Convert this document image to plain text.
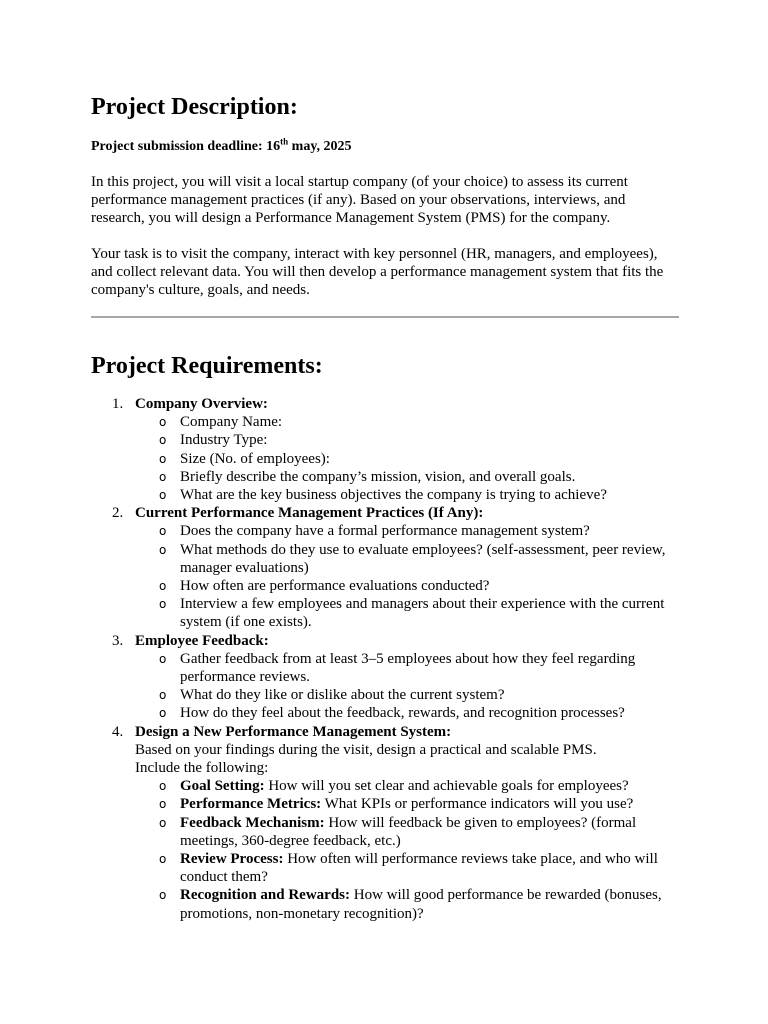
Project Description:
Project submission deadline: 16th may, 2025

In this project, you will visit a local startup company (of your choice) to assess its current performance management practices (if any). Based on your observations, interviews, and research, you will design a Performance Management System (PMS) for the company.

Your task is to visit the company, interact with key personnel (HR, managers, and employees), and collect relevant data. You will then develop a performance management system that fits the company's culture, goals, and needs.

Project Requirements:
1. Company Overview:
o Company Name:
o Industry Type:
o Size (No. of employees):
o Briefly describe the company’s mission, vision, and overall goals.
o What are the key business objectives the company is trying to achieve?
2. Current Performance Management Practices (If Any):
o Does the company have a formal performance management system?
o What methods do they use to evaluate employees? (self-assessment, peer review, manager evaluations)
o How often are performance evaluations conducted?
o Interview a few employees and managers about their experience with the current system (if one exists).
3. Employee Feedback:
o Gather feedback from at least 3–5 employees about how they feel regarding performance reviews.
o What do they like or dislike about the current system?
o How do they feel about the feedback, rewards, and recognition processes?
4. Design a New Performance Management System:
Based on your findings during the visit, design a practical and scalable PMS.
Include the following:
o Goal Setting: How will you set clear and achievable goals for employees?
o Performance Metrics: What KPIs or performance indicators will you use?
o Feedback Mechanism: How will feedback be given to employees? (formal meetings, 360-degree feedback, etc.)
o Review Process: How often will performance reviews take place, and who will conduct them?
o Recognition and Rewards: How will good performance be rewarded (bonuses, promotions, non-monetary recognition)?
